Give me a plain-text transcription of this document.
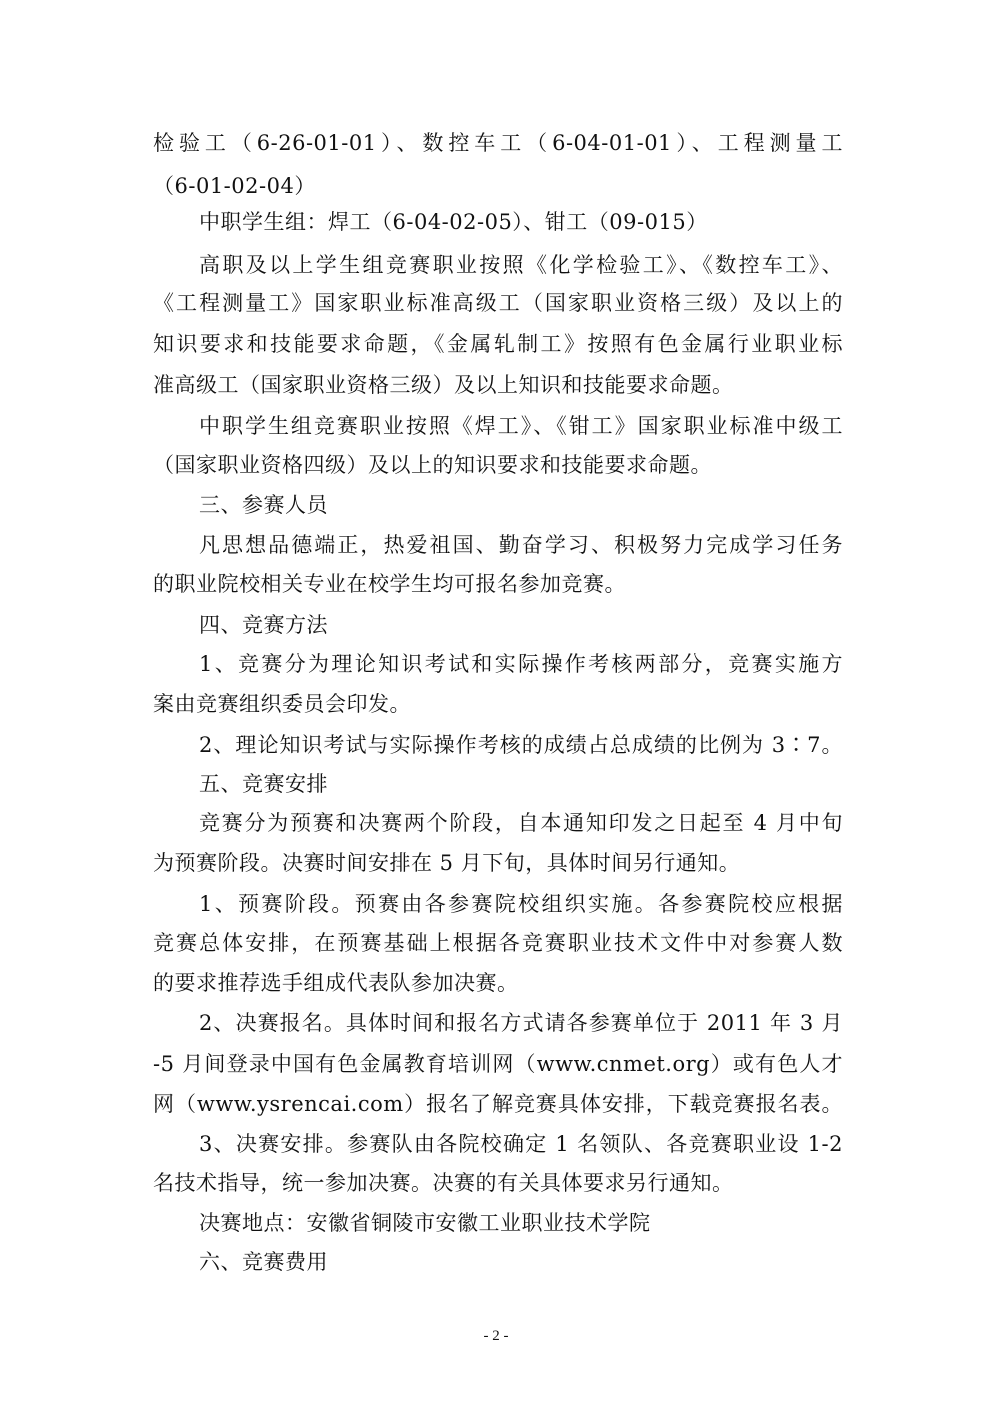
检验工（6-26-01-01）、数控车工（6-04-01-01）、工程测量工
（6-01-02-04）
中职学生组：焊工（6-04-02-05）、钳工（09-015）
高职及以上学生组竞赛职业按照《化学检验工》、《数控车工》、
《工程测量工》国家职业标准高级工（国家职业资格三级）及以上的
知识要求和技能要求命题，《金属轧制工》按照有色金属行业职业标
准高级工（国家职业资格三级）及以上知识和技能要求命题。
中职学生组竞赛职业按照《焊工》、《钳工》国家职业标准中级工
（国家职业资格四级）及以上的知识要求和技能要求命题。
三、参赛人员
凡思想品德端正，热爱祖国、勤奋学习、积极努力完成学习任务
的职业院校相关专业在校学生均可报名参加竞赛。
四、竞赛方法
1、竞赛分为理论知识考试和实际操作考核两部分，竞赛实施方
案由竞赛组织委员会印发。
2、理论知识考试与实际操作考核的成绩占总成绩的比例为 3∶7。
五、竞赛安排
竞赛分为预赛和决赛两个阶段，自本通知印发之日起至 4 月中旬
为预赛阶段。决赛时间安排在 5 月下旬，具体时间另行通知。
1、预赛阶段。预赛由各参赛院校组织实施。各参赛院校应根据
竞赛总体安排，在预赛基础上根据各竞赛职业技术文件中对参赛人数
的要求推荐选手组成代表队参加决赛。
2、决赛报名。具体时间和报名方式请各参赛单位于 2011 年 3 月
-5 月间登录中国有色金属教育培训网（www.cnmet.org）或有色人才
网（www.ysrencai.com）报名了解竞赛具体安排，下载竞赛报名表。
3、决赛安排。参赛队由各院校确定 1 名领队、各竞赛职业设 1-2
名技术指导，统一参加决赛。决赛的有关具体要求另行通知。
决赛地点：安徽省铜陵市安徽工业职业技术学院
六、竞赛费用
- 2 -
